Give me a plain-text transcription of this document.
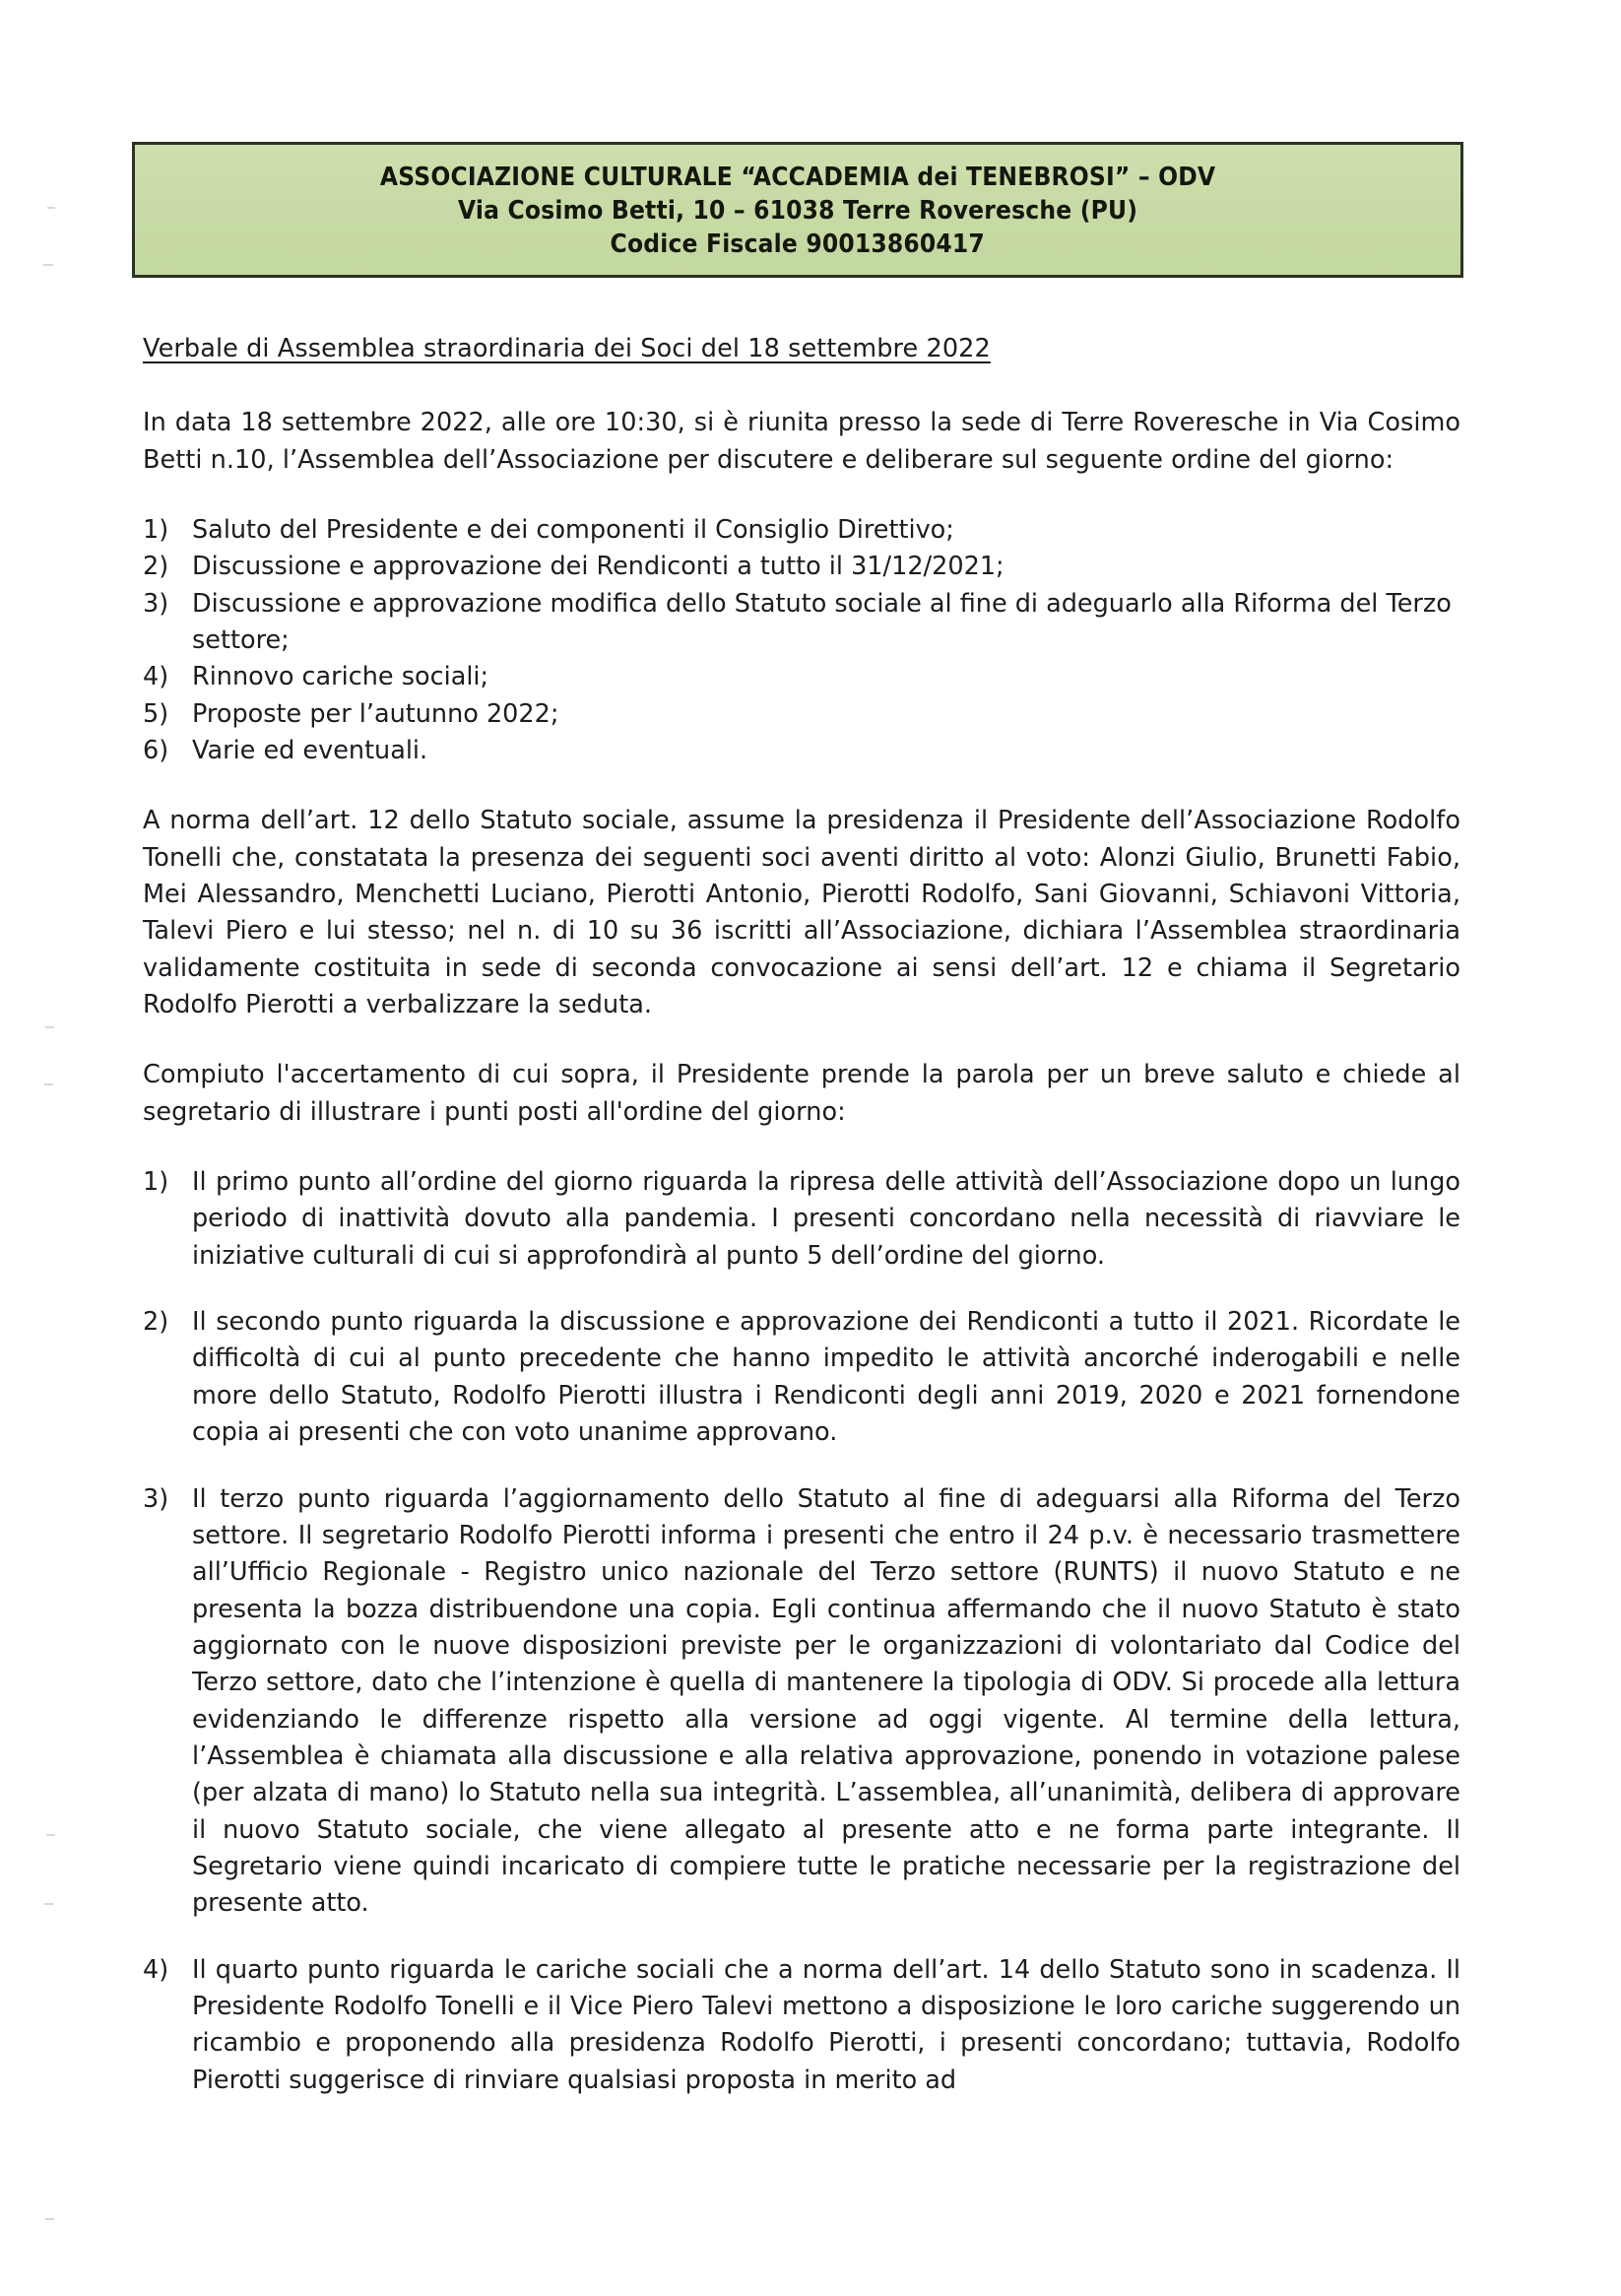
ASSOCIAZIONE CULTURALE “ACCADEMIA dei TENEBROSI” – ODV
Via Cosimo Betti, 10 – 61038 Terre Roveresche (PU)
Codice Fiscale 90013860417
Verbale di Assemblea straordinaria dei Soci del 18 settembre 2022

In data 18 settembre 2022, alle ore 10:30, si è riunita presso la sede di Terre Roveresche in Via Cosimo Betti n.10, l’Assemblea dell’Associazione per discutere e deliberare sul seguente ordine del giorno:

1) Saluto del Presidente e dei componenti il Consiglio Direttivo;
2) Discussione e approvazione dei Rendiconti a tutto il 31/12/2021;
3) Discussione e approvazione modifica dello Statuto sociale al fine di adeguarlo alla Riforma del Terzo settore;
4) Rinnovo cariche sociali;
5) Proposte per l’autunno 2022;
6) Varie ed eventuali.

A norma dell’art. 12 dello Statuto sociale, assume la presidenza il Presidente dell’Associazione Rodolfo Tonelli che, constatata la presenza dei seguenti soci aventi diritto al voto: Alonzi Giulio, Brunetti Fabio, Mei Alessandro, Menchetti Luciano, Pierotti Antonio, Pierotti Rodolfo, Sani Giovanni, Schiavoni Vittoria, Talevi Piero e lui stesso; nel n. di 10 su 36 iscritti all’Associazione, dichiara l’Assemblea straordinaria validamente costituita in sede di seconda convocazione ai sensi dell’art. 12 e chiama il Segretario Rodolfo Pierotti a verbalizzare la seduta.

Compiuto l'accertamento di cui sopra, il Presidente prende la parola per un breve saluto e chiede al segretario di illustrare i punti posti all'ordine del giorno:

1) Il primo punto all’ordine del giorno riguarda la ripresa delle attività dell’Associazione dopo un lungo periodo di inattività dovuto alla pandemia. I presenti concordano nella necessità di riavviare le iniziative culturali di cui si approfondirà al punto 5 dell’ordine del giorno.
2) Il secondo punto riguarda la discussione e approvazione dei Rendiconti a tutto il 2021. Ricordate le difficoltà di cui al punto precedente che hanno impedito le attività ancorché inderogabili e nelle more dello Statuto, Rodolfo Pierotti illustra i Rendiconti degli anni 2019, 2020 e 2021 fornendone copia ai presenti che con voto unanime approvano.
3) Il terzo punto riguarda l’aggiornamento dello Statuto al fine di adeguarsi alla Riforma del Terzo settore. Il segretario Rodolfo Pierotti informa i presenti che entro il 24 p.v. è necessario trasmettere all’Ufficio Regionale - Registro unico nazionale del Terzo settore (RUNTS) il nuovo Statuto e ne presenta la bozza distribuendone una copia. Egli continua affermando che il nuovo Statuto è stato aggiornato con le nuove disposizioni previste per le organizzazioni di volontariato dal Codice del Terzo settore, dato che l’intenzione è quella di mantenere la tipologia di ODV. Si procede alla lettura evidenziando le differenze rispetto alla versione ad oggi vigente. Al termine della lettura, l’Assemblea è chiamata alla discussione e alla relativa approvazione, ponendo in votazione palese (per alzata di mano) lo Statuto nella sua integrità. L’assemblea, all’unanimità, delibera di approvare il nuovo Statuto sociale, che viene allegato al presente atto e ne forma parte integrante. Il Segretario viene quindi incaricato di compiere tutte le pratiche necessarie per la registrazione del presente atto.
4) Il quarto punto riguarda le cariche sociali che a norma dell’art. 14 dello Statuto sono in scadenza. Il Presidente Rodolfo Tonelli e il Vice Piero Talevi mettono a disposizione le loro cariche suggerendo un ricambio e proponendo alla presidenza Rodolfo Pierotti, i presenti concordano; tuttavia, Rodolfo Pierotti suggerisce di rinviare qualsiasi proposta in merito ad
